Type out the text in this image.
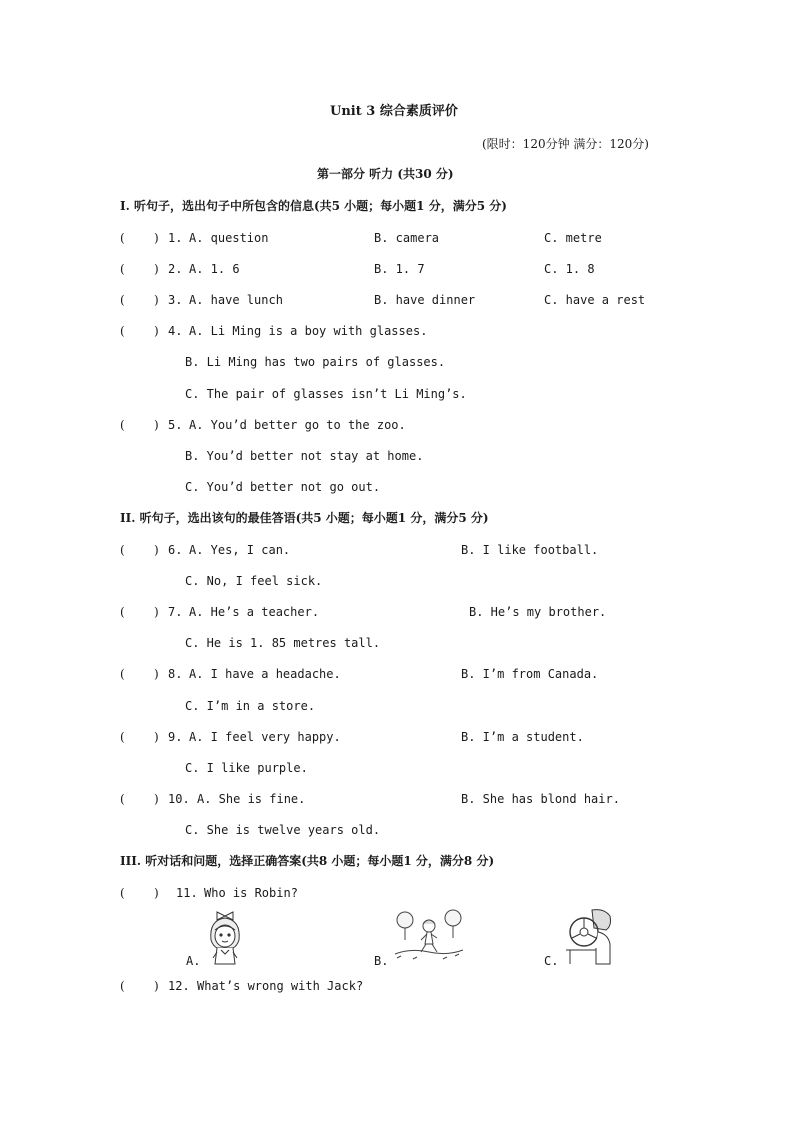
Unit 3 综合素质评价
(限时：120分钟 满分：120分)
第一部分 听力 (共30 分)
I. 听句子，选出句子中所包含的信息(共5 小题；每小题1 分，满分5 分)
( ) 1. A. question	B. camera	C. metre
( ) 2. A. 1. 6	B. 1. 7	C. 1. 8
( ) 3. A. have lunch	B. have dinner	C. have a rest
( ) 4. A. Li Ming is a boy with glasses.
B. Li Ming has two pairs of glasses.
C. The pair of glasses isn’t Li Ming’s.
( ) 5. A. You’d better go to the zoo.
B. You’d better not stay at home.
C. You’d better not go out.
II. 听句子，选出该句的最佳答语(共5 小题；每小题1 分，满分5 分)
( ) 6. A. Yes, I can.	B. I like football.
C. No, I feel sick.
( ) 7. A. He’s a teacher.	B. He’s my brother.
C. He is 1. 85 metres tall.
( ) 8. A. I have a headache.	B. I’m from Canada.
C. I’m in a store.
( ) 9. A. I feel very happy.	B. I’m a student.
C. I like purple.
( ) 10. A. She is fine.	B. She has blond hair.
C. She is twelve years old.
III. 听对话和问题，选择正确答案(共8 小题；每小题1 分，满分8 分)
( ) 11. Who is Robin?
A.	B.	C.
( ) 12. What’s wrong with Jack?
